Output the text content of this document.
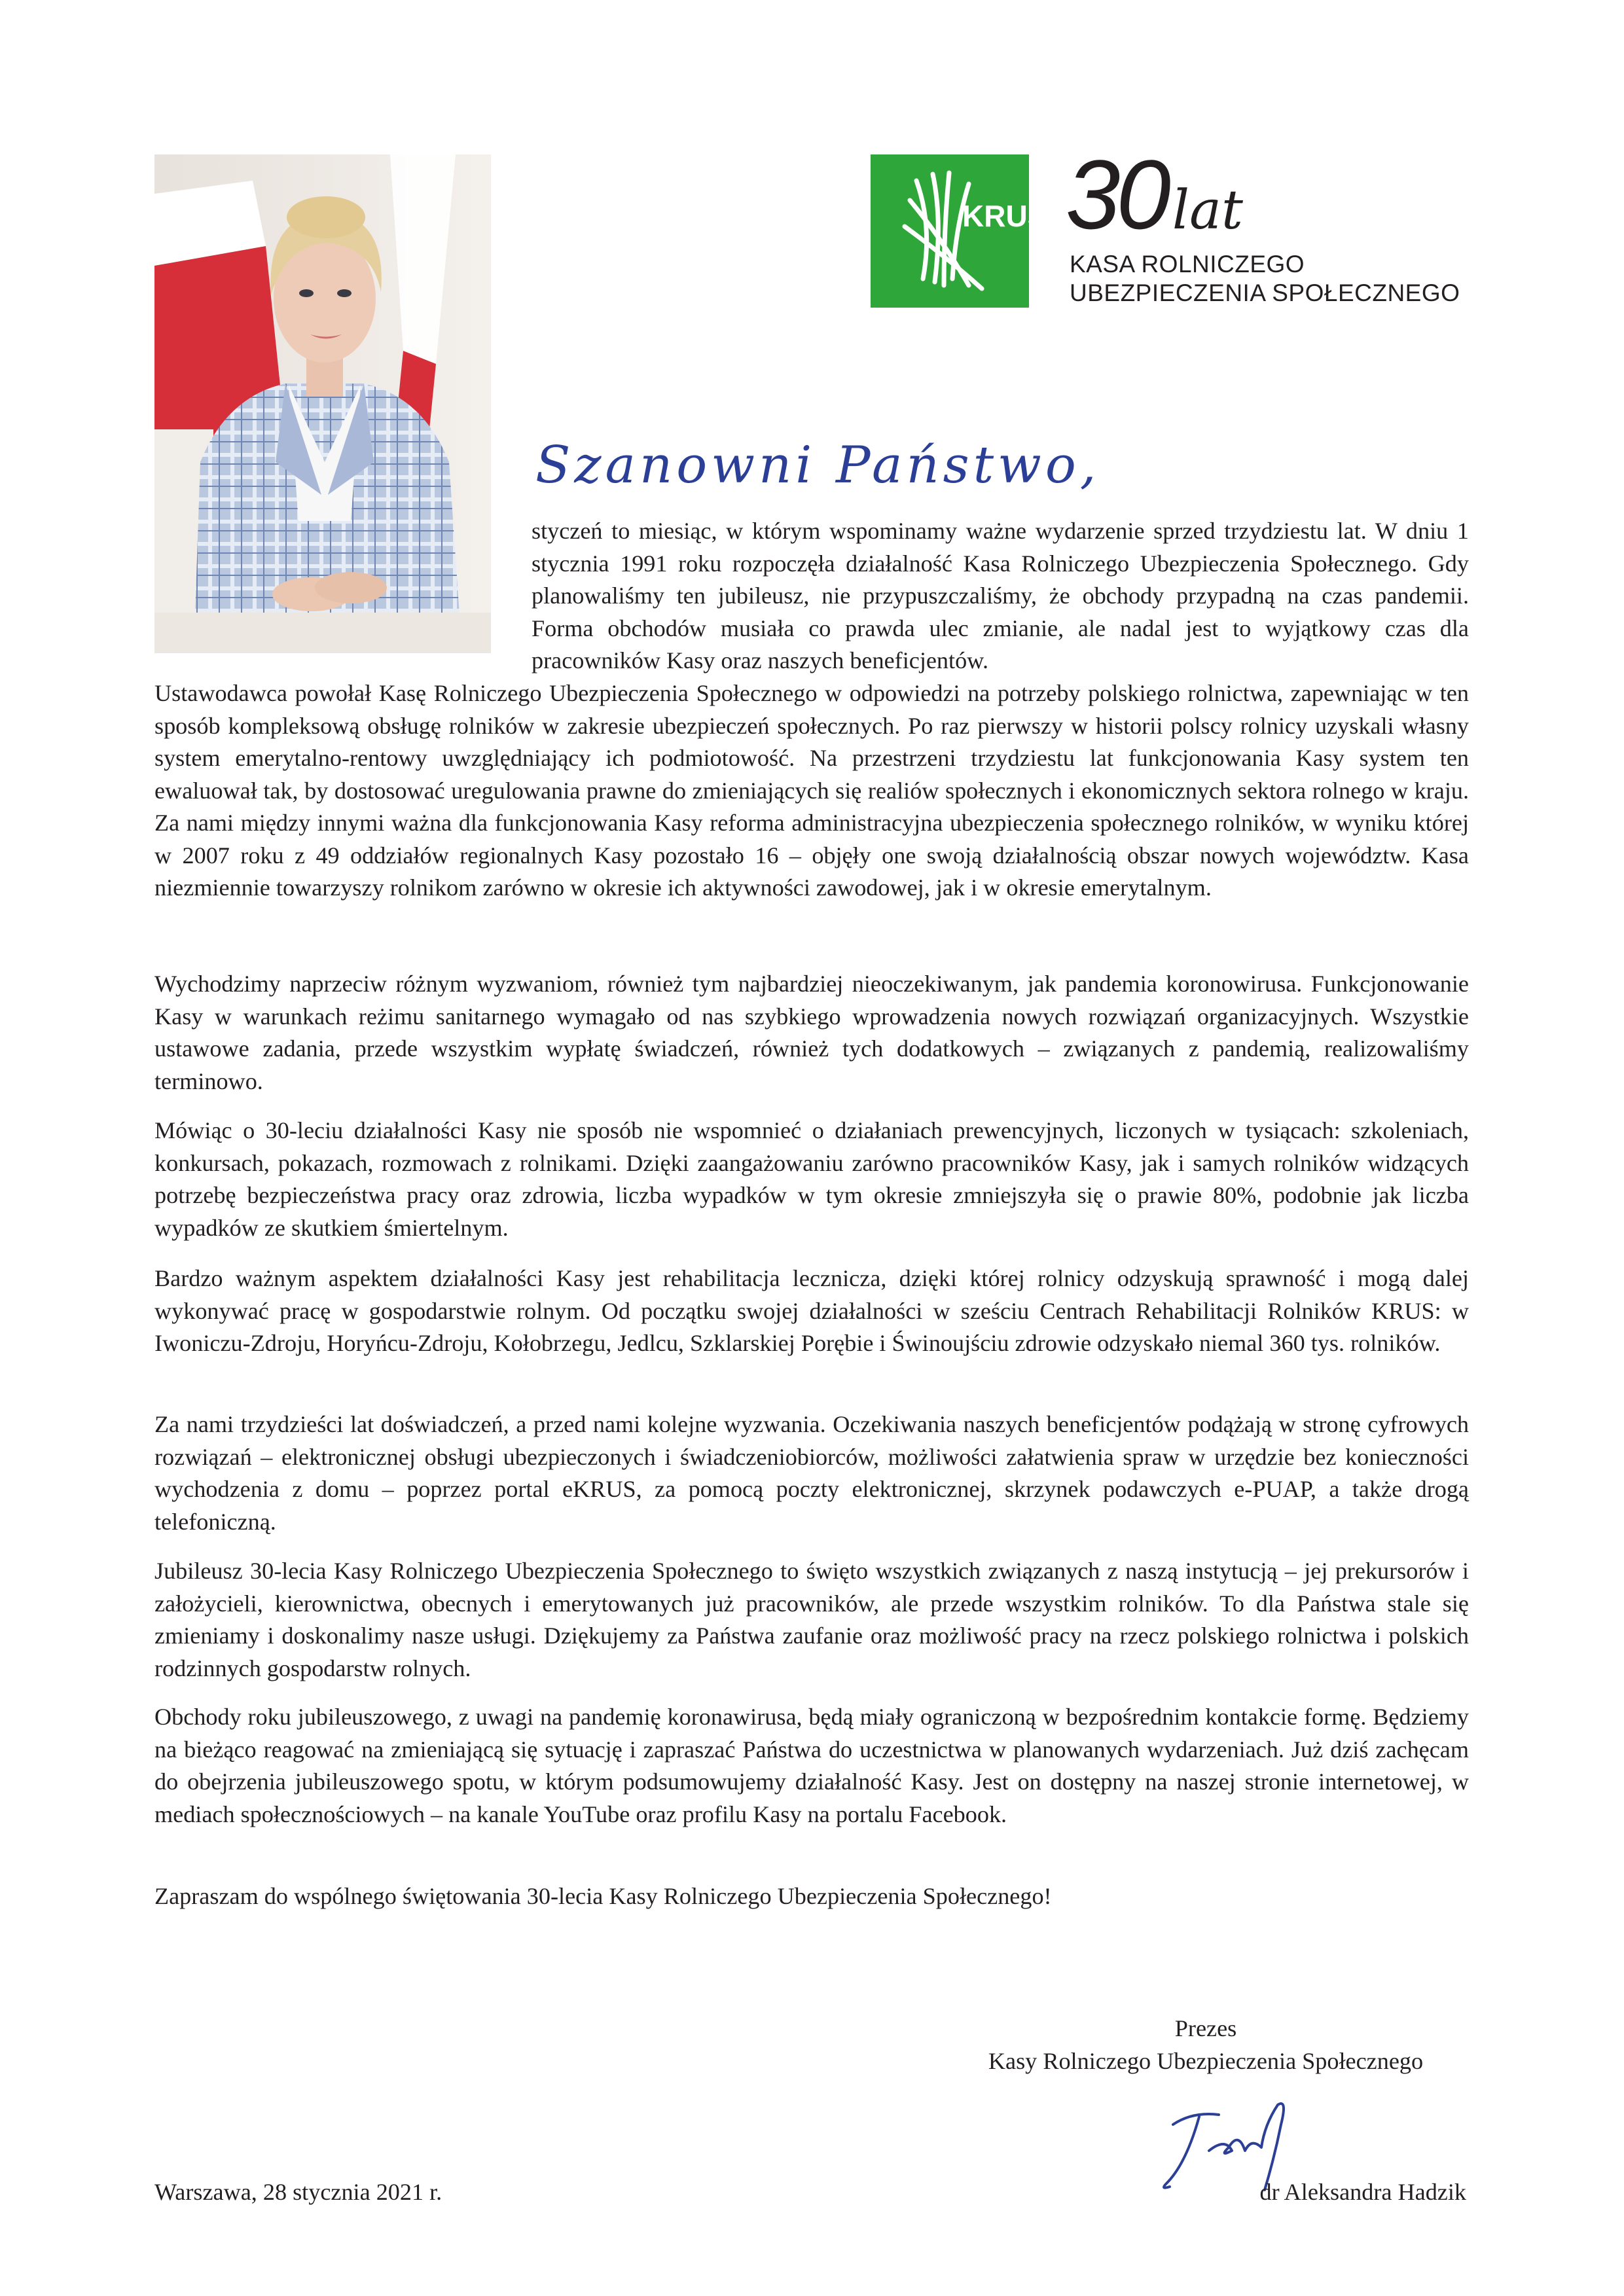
KRUS 30lat
KASA ROLNICZEGO
UBEZPIECZENIA SPOŁECZNEGO
Szanowni Państwo,
styczeń to miesiąc, w którym wspominamy ważne wydarzenie sprzed trzydziestu lat. W dniu 1 stycznia 1991 roku rozpoczęła działalność Kasa Rolniczego Ubezpieczenia Społecznego. Gdy planowaliśmy ten jubileusz, nie przypuszczaliśmy, że obchody przypadną na czas pandemii. Forma obchodów musiała co prawda ulec zmianie, ale nadal jest to wyjątkowy czas dla pracowników Kasy oraz naszych beneficjentów.
Ustawodawca powołał Kasę Rolniczego Ubezpieczenia Społecznego w odpowiedzi na potrzeby polskiego rolnictwa, zapewniając w ten sposób kompleksową obsługę rolników w zakresie ubezpieczeń społecznych. Po raz pierwszy w historii polscy rolnicy uzyskali własny system emerytalno-rentowy uwzględniający ich podmiotowość. Na przestrzeni trzydziestu lat funkcjonowania Kasy system ten ewaluował tak, by dostosować uregulowania prawne do zmieniających się realiów społecznych i ekonomicznych sektora rolnego w kraju. Za nami między innymi ważna dla funkcjonowania Kasy reforma administracyjna ubezpieczenia społecznego rolników, w wyniku której w 2007 roku z 49 oddziałów regionalnych Kasy pozostało 16 – objęły one swoją działalnością obszar nowych województw. Kasa niezmiennie towarzyszy rolnikom zarówno w okresie ich aktywności zawodowej, jak i w okresie emerytalnym.
Wychodzimy naprzeciw różnym wyzwaniom, również tym najbardziej nieoczekiwanym, jak pandemia koronowirusa. Funkcjonowanie Kasy w warunkach reżimu sanitarnego wymagało od nas szybkiego wprowadzenia nowych rozwiązań organizacyjnych. Wszystkie ustawowe zadania, przede wszystkim wypłatę świadczeń, również tych dodatkowych – związanych z pandemią, realizowaliśmy terminowo.
Mówiąc o 30-leciu działalności Kasy nie sposób nie wspomnieć o działaniach prewencyjnych, liczonych w tysiącach: szkoleniach, konkursach, pokazach, rozmowach z rolnikami. Dzięki zaangażowaniu zarówno pracowników Kasy, jak i samych rolników widzących potrzebę bezpieczeństwa pracy oraz zdrowia, liczba wypadków w tym okresie zmniejszyła się o prawie 80%, podobnie jak liczba wypadków ze skutkiem śmiertelnym.
Bardzo ważnym aspektem działalności Kasy jest rehabilitacja lecznicza, dzięki której rolnicy odzyskują sprawność i mogą dalej wykonywać pracę w gospodarstwie rolnym. Od początku swojej działalności w sześciu Centrach Rehabilitacji Rolników KRUS: w Iwoniczu-Zdroju, Horyńcu-Zdroju, Kołobrzegu, Jedlcu, Szklarskiej Porębie i Świnoujściu zdrowie odzyskało niemal 360 tys. rolników.
Za nami trzydzieści lat doświadczeń, a przed nami kolejne wyzwania. Oczekiwania naszych beneficjentów podążają w stronę cyfrowych rozwiązań – elektronicznej obsługi ubezpieczonych i świadczeniobiorców, możliwości załatwienia spraw w urzędzie bez konieczności wychodzenia z domu – poprzez portal eKRUS, za pomocą poczty elektronicznej, skrzynek podawczych e-PUAP, a także drogą telefoniczną.
Jubileusz 30-lecia Kasy Rolniczego Ubezpieczenia Społecznego to święto wszystkich związanych z naszą instytucją – jej prekursorów i założycieli, kierownictwa, obecnych i emerytowanych już pracowników, ale przede wszystkim rolników. To dla Państwa stale się zmieniamy i doskonalimy nasze usługi. Dziękujemy za Państwa zaufanie oraz możliwość pracy na rzecz polskiego rolnictwa i polskich rodzinnych gospodarstw rolnych.
Obchody roku jubileuszowego, z uwagi na pandemię koronawirusa, będą miały ograniczoną w bezpośrednim kontakcie formę. Będziemy na bieżąco reagować na zmieniającą się sytuację i zapraszać Państwa do uczestnictwa w planowanych wydarzeniach. Już dziś zachęcam do obejrzenia jubileuszowego spotu, w którym podsumowujemy działalność Kasy. Jest on dostępny na naszej stronie internetowej, w mediach społecznościowych – na kanale YouTube oraz profilu Kasy na portalu Facebook.
Zapraszam do wspólnego świętowania 30-lecia Kasy Rolniczego Ubezpieczenia Społecznego!
Prezes
Kasy Rolniczego Ubezpieczenia Społecznego
dr Aleksandra Hadzik
Warszawa, 28 stycznia 2021 r.
